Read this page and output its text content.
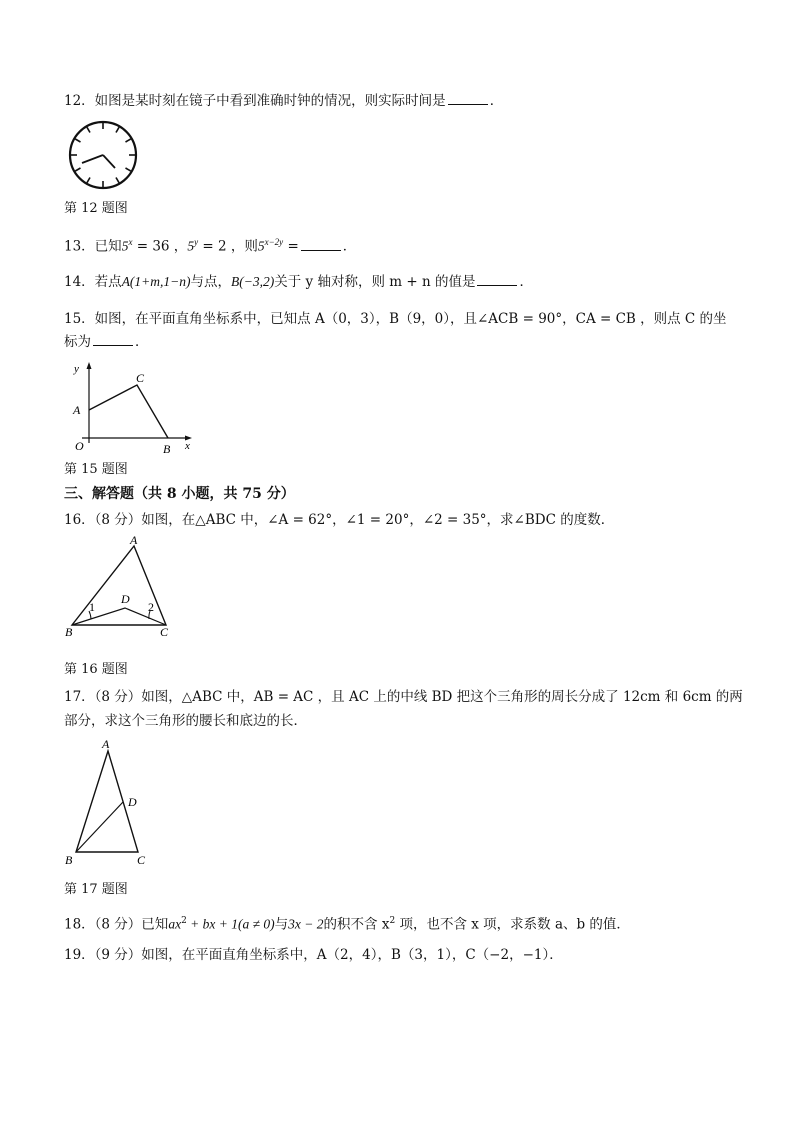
12．如图是某时刻在镜子中看到准确时钟的情况，则实际时间是	．
第 12 题图
13．已知$5^x = 36$ ，$5^y = 2$ ，则$5^{x-2y}$ =	．
14．若点A(1+m,1−n)与点，B(−3,2)关于 y 轴对称，则 m + n 的值是	．
15．如图，在平面直角坐标系中，已知点 A（0，3），B（9，0），且∠ACB = 90°，CA = CB ，则点 C 的坐
标为	．
y
x
O
A
C
B
第 15 题图
三、解答题（共 8 小题，共 75 分）
16．（8 分）如图，在△ABC 中，∠A = 62°，∠1 = 20°，∠2 = 35°，求∠BDC 的度数．
A
B	C
D
1	2
第 16 题图
17．（8 分）如图，△ABC 中，AB = AC ，且 AC 上的中线 BD 把这个三角形的周长分成了 12cm 和 6cm 的两
部分，求这个三角形的腰长和底边的长．
A
D
B	C
第 17 题图
18．（8 分）已知$ax^2$ + bx + 1(a ≠ 0)与3x − 2的积不含 $x^2$ 项，也不含 x 项，求系数 a、b 的值．
19．（9 分）如图，在平面直角坐标系中，A（2，4），B（3，1），C（−2，−1）．
